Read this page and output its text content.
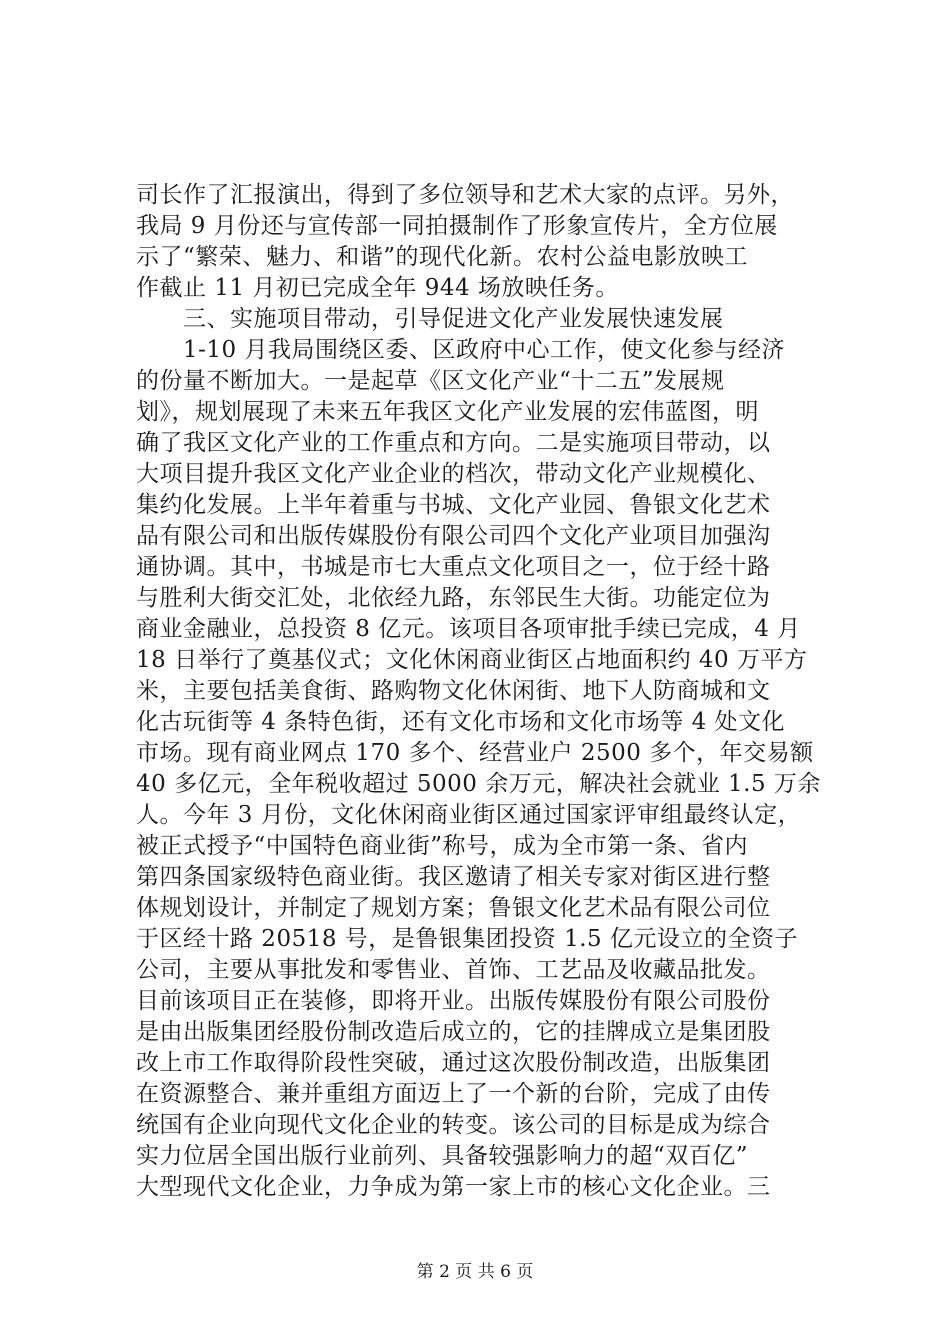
司长作了汇报演出，得到了多位领导和艺术大家的点评。另外，
我局 9 月份还与宣传部一同拍摄制作了形象宣传片，全方位展
示了“繁荣、魅力、和谐”的现代化新。农村公益电影放映工
作截止 11 月初已完成全年 944 场放映任务。
　　三、实施项目带动，引导促进文化产业发展快速发展
　　1-10 月我局围绕区委、区政府中心工作，使文化参与经济
的份量不断加大。一是起草《区文化产业“十二五”发展规
划》，规划展现了未来五年我区文化产业发展的宏伟蓝图，明
确了我区文化产业的工作重点和方向。二是实施项目带动，以
大项目提升我区文化产业企业的档次，带动文化产业规模化、
集约化发展。上半年着重与书城、文化产业园、鲁银文化艺术
品有限公司和出版传媒股份有限公司四个文化产业项目加强沟
通协调。其中，书城是市七大重点文化项目之一，位于经十路
与胜利大街交汇处，北依经九路，东邻民生大街。功能定位为
商业金融业，总投资 8 亿元。该项目各项审批手续已完成，4 月
18 日举行了奠基仪式；文化休闲商业街区占地面积约 40 万平方
米，主要包括美食街、路购物文化休闲街、地下人防商城和文
化古玩街等 4 条特色街，还有文化市场和文化市场等 4 处文化
市场。现有商业网点 170 多个、经营业户 2500 多个，年交易额
40 多亿元，全年税收超过 5000 余万元，解决社会就业 1.5 万余
人。今年 3 月份，文化休闲商业街区通过国家评审组最终认定，
被正式授予“中国特色商业街”称号，成为全市第一条、省内
第四条国家级特色商业街。我区邀请了相关专家对街区进行整
体规划设计，并制定了规划方案；鲁银文化艺术品有限公司位
于区经十路 20518 号，是鲁银集团投资 1.5 亿元设立的全资子
公司，主要从事批发和零售业、首饰、工艺品及收藏品批发。
目前该项目正在装修，即将开业。出版传媒股份有限公司股份
是由出版集团经股份制改造后成立的，它的挂牌成立是集团股
改上市工作取得阶段性突破，通过这次股份制改造，出版集团
在资源整合、兼并重组方面迈上了一个新的台阶，完成了由传
统国有企业向现代文化企业的转变。该公司的目标是成为综合
实力位居全国出版行业前列、具备较强影响力的超“双百亿”
大型现代文化企业，力争成为第一家上市的核心文化企业。三
第 2 页 共 6 页
